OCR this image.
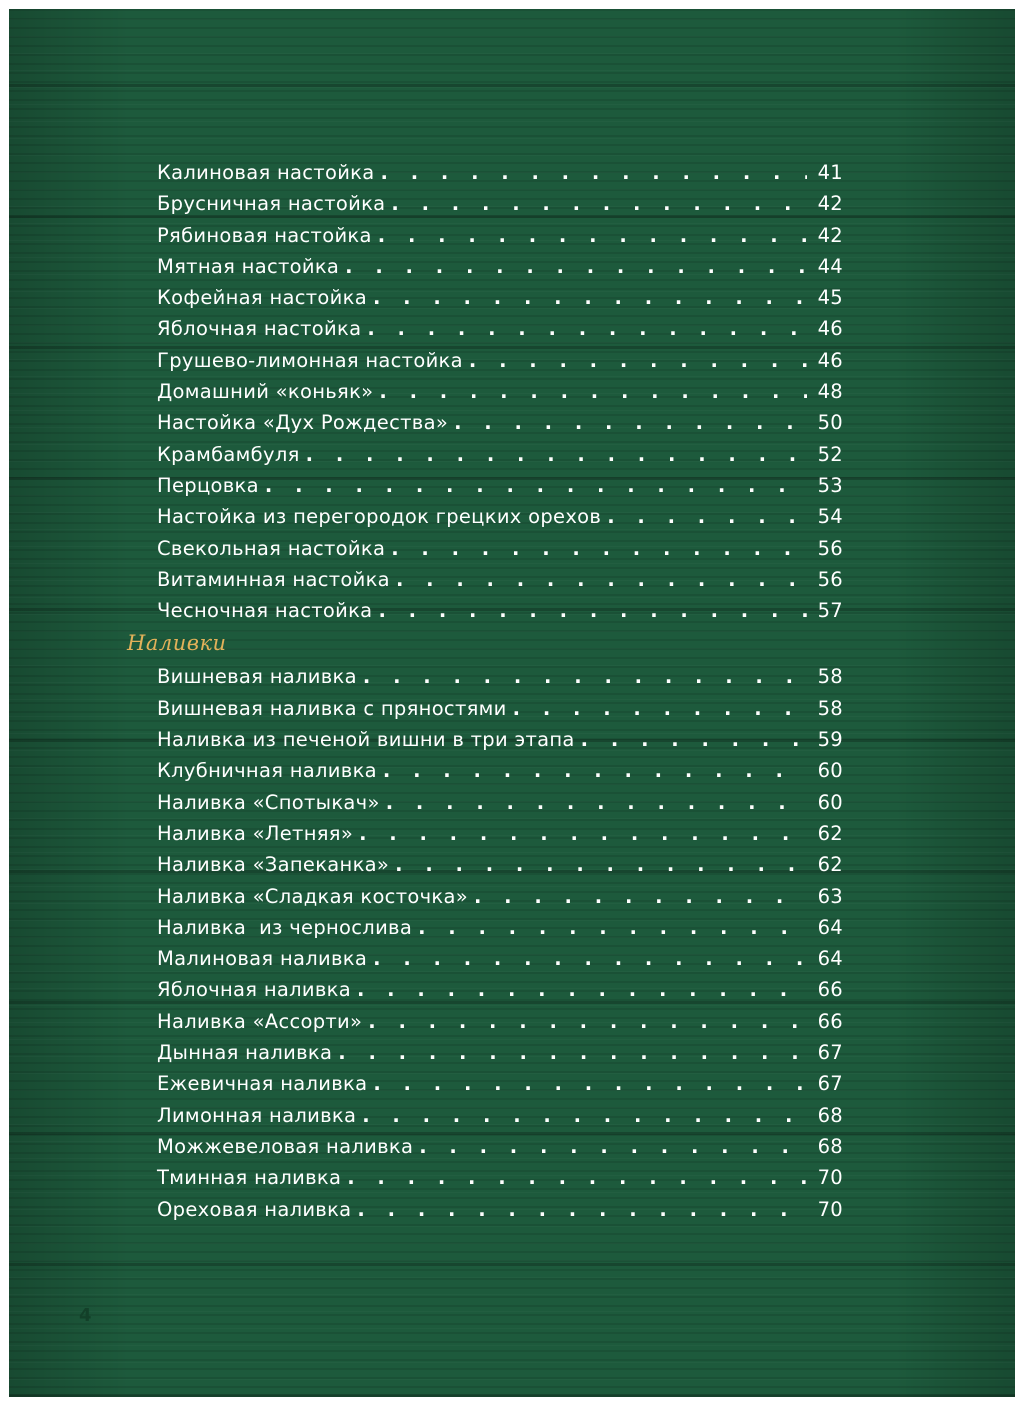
Калиновая настойка . . .	41
Брусничная настойка . . .	42
Рябиновая настойка . . .	42
Мятная настойка . . .	44
Кофейная настойка . . .	45
Яблочная настойка . . .	46
Грушево-лимонная настойка . . .	46
Домашний «коньяк» . . .	48
Настойка «Дух Рождества» . . .	50
Крамбамбуля . . .	52
Перцовка . . .	53
Настойка из перегородок грецких орехов . . .	54
Свекольная настойка . . .	56
Витаминная настойка . . .	56
Чесночная настойка . . .	57
Наливки
Вишневая наливка . . .	58
Вишневая наливка с пряностями . . .	58
Наливка из печеной вишни в три этапа . . .	59
Клубничная наливка . . .	60
Наливка «Спотыкач» . . .	60
Наливка «Летняя» . . .	62
Наливка «Запеканка» . . .	62
Наливка «Сладкая косточка» . . .	63
Наливка  из чернослива . . .	64
Малиновая наливка . . .	64
Яблочная наливка . . .	66
Наливка «Ассорти» . . .	66
Дынная наливка . . .	67
Ежевичная наливка . . .	67
Лимонная наливка . . .	68
Можжевеловая наливка . . .	68
Тминная наливка . . .	70
Ореховая наливка . . .	70
4
